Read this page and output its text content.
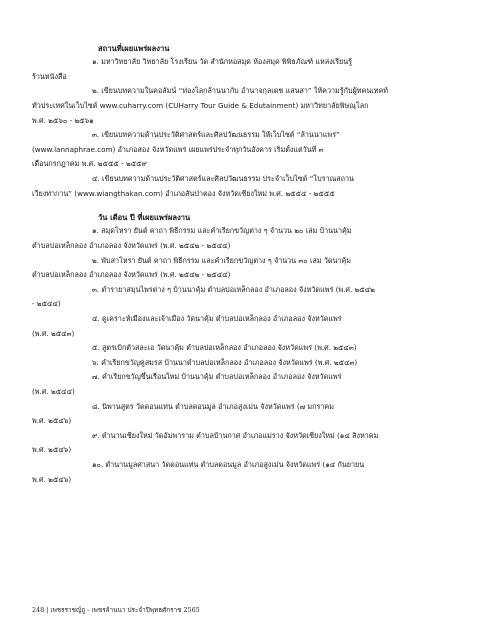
สถานที่เผยแพร่ผลงาน
๑. มหาวิทยาลัย วิทยาลัย โรงเรียน วัด สำนักหอสมุด ห้องสมุด พิพิธภัณฑ์ แหล่งเรียนรู้
ร้านหนังสือ
๒. เขียนบทความในคอลัมน์ “ท่องโลกล้านนากับ อำนาจกุลเดช แสนสา” ให้ความรู้กับผู้ทคนเทคท์
ทั่วประเทศในเว็บไซต์ www.cuharry.com (CUHarry Tour Guide & Edutainment) มหาวิทยาลัยพิษณุโลก
พ.ศ. ๒๕๖๐ - ๒๕๖๑
๓. เขียนบทความด้านประวัติศาสตร์และศิลปวัฒนธรรม ให้เว็บไซต์ “ล้านนาแพร่”
(www.lannaphrae.com) อำเภอสอง จังหวัดแพร่ เผยแพร่ประจำทุกวันอังคาร เริ่มตั้งแต่วันที่ ๓
เดือนกรกฎาคม พ.ศ. ๒๕๕๕ - ๒๕๕๙
๔. เขียนบทความด้านประวัติศาสตร์และศิลปวัฒนธรรม ประจำเว็บไซต์ “โบราณสถาน
เวียงท่ากาน” (www.wiangthakan.com) อำเภอสันป่าตอง จังหวัดเชียงใหม่ พ.ศ. ๒๕๕๔ - ๒๕๕๕
วัน เดือน ปี ที่เผยแพร่ผลงาน
๑. สมุดโหรา ยันต์ คาถา พิธีกรรม และคำเรียกขวัญต่าง ๆ จำนวน ๒๐ เล่ม บ้านนาคุ้ม
ตำบลบ่อเหล็กลอง อำเภอลอง จังหวัดแพร่ (พ.ศ. ๒๕๔๒ - ๒๕๔๔)
๒. พับสาโหรา ยันต์ คาถา พิธีกรรม และคำเรียกขวัญต่าง ๆ จำนวน ๓๐ เล่ม วัดนาคุ้ม
ตำบลบ่อเหล็กลอง อำเภอลอง จังหวัดแพร่ (พ.ศ. ๒๕๔๒ - ๒๕๔๔)
๓. ตำรายาสมุนไพรต่าง ๆ บ้านนาคุ้ม ตำบลบ่อเหล็กลอง อำเภอลอง จังหวัดแพร่ (พ.ศ. ๒๕๔๒
- ๒๕๔๔)
๔. ดูเคราะห์เมืองและเจ้าเมือง วัดนาคุ้ม ตำบลบ่อเหล็กลอง อำเภอลอง จังหวัดแพร่
(พ.ศ. ๒๕๔๓)
๕. สูตรเบิกตัวสละเอ วัดนาคุ้ม ตำบลบ่อเหล็กลอง อำเภอลอง จังหวัดแพร่ (พ.ศ. ๒๕๔๓)
๖. คำเรียกขวัญคู่สมรส บ้านนาตำบลบ่อเหล็กลอง อำเภอลอง จังหวัดแพร่ (พ.ศ. ๒๕๔๓)
๗. คำเรียกขวัญขึ้นเรือนใหม่ บ้านนาคุ้ม ตำบลบ่อเหล็กลอง อำเภอลอง จังหวัดแพร่
(พ.ศ. ๒๕๔๔)
๘. นิพานสูตร วัดดอนแท่น ตำบลดอนมูล อำเภอสูงเม่น จังหวัดแพร่ (๗ มกราคม
พ.ศ. ๒๕๔๖)
๙. ตำนานเชียงใหม่ วัดอัมพาราม ตำบลบ้านกาศ อำเภอแม่ราง จังหวัดเชียงใหม่ (๑๔ สิงหาคม
พ.ศ. ๒๕๔๖)
๑๐. ตำนานมูลศาสนา วัดดอนแท่น ตำบลดอนมูล อำเภอสูงเม่น จังหวัดแพร่ (๑๔ กันยายน
พ.ศ. ๒๕๔๖)
248 | เพชรราชญ์ถู - เพชรล้านนา ประจำปีพุทธศักราช 2565
